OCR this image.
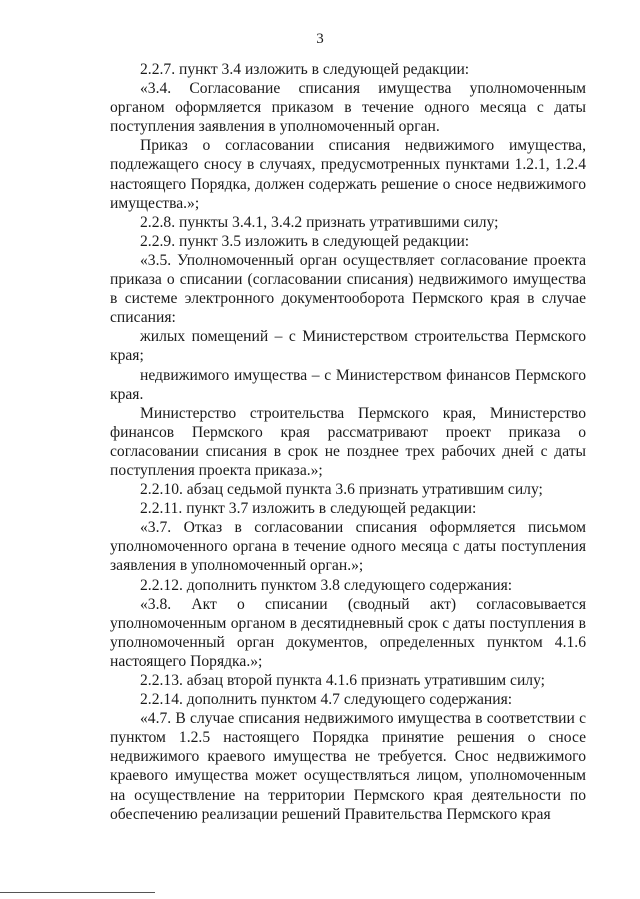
3

2.2.7. пункт 3.4 изложить в следующей редакции:

«3.4. Согласование списания имущества уполномоченным органом оформляется приказом в течение одного месяца с даты поступления заявления в уполномоченный орган.

Приказ о согласовании списания недвижимого имущества, подлежащего сносу в случаях, предусмотренных пунктами 1.2.1, 1.2.4 настоящего Порядка, должен содержать решение о сносе недвижимого имущества.»;

2.2.8. пункты 3.4.1, 3.4.2 признать утратившими силу;

2.2.9. пункт 3.5 изложить в следующей редакции:

«3.5. Уполномоченный орган осуществляет согласование проекта приказа о списании (согласовании списания) недвижимого имущества в системе электронного документооборота Пермского края в случае списания:

жилых помещений – с Министерством строительства Пермского края;

недвижимого имущества – с Министерством финансов Пермского края.

Министерство строительства Пермского края, Министерство финансов Пермского края рассматривают проект приказа о согласовании списания в срок не позднее трех рабочих дней с даты поступления проекта приказа.»;

2.2.10. абзац седьмой пункта 3.6 признать утратившим силу;

2.2.11. пункт 3.7 изложить в следующей редакции:

«3.7. Отказ в согласовании списания оформляется письмом уполномоченного органа в течение одного месяца с даты поступления заявления в уполномоченный орган.»;

2.2.12. дополнить пунктом 3.8 следующего содержания:

«3.8. Акт о списании (сводный акт) согласовывается уполномоченным органом в десятидневный срок с даты поступления в уполномоченный орган документов, определенных пунктом 4.1.6 настоящего Порядка.»;

2.2.13. абзац второй пункта 4.1.6 признать утратившим силу;

2.2.14. дополнить пунктом 4.7 следующего содержания:

«4.7. В случае списания недвижимого имущества в соответствии с пунктом 1.2.5 настоящего Порядка принятие решения о сносе недвижимого краевого имущества не требуется. Снос недвижимого краевого имущества может осуществляться лицом, уполномоченным на осуществление на территории Пермского края деятельности по обеспечению реализации решений Правительства Пермского края
